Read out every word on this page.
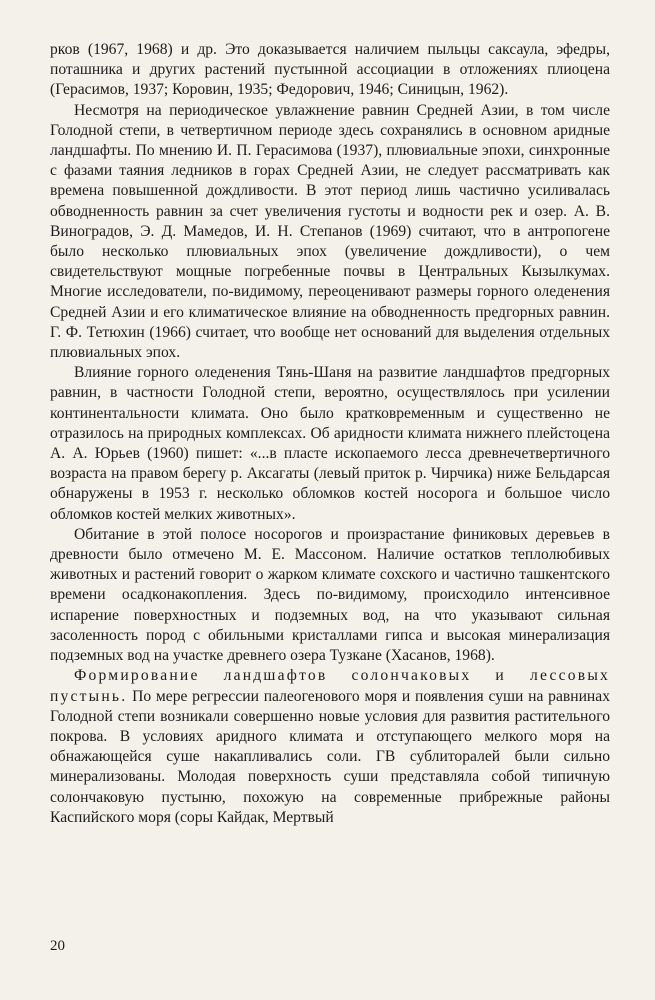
рков (1967, 1968) и др. Это доказывается наличием пыльцы саксаула, эфедры, поташника и других растений пустынной ассоциации в отложениях плиоцена (Герасимов, 1937; Коровин, 1935; Федорович, 1946; Синицын, 1962).

Несмотря на периодическое увлажнение равнин Средней Азии, в том числе Голодной степи, в четвертичном периоде здесь сохранялись в основном аридные ландшафты. По мнению И. П. Герасимова (1937), плювиальные эпохи, синхронные с фазами таяния ледников в горах Средней Азии, не следует рассматривать как времена повышенной дождливости. В этот период лишь частично усиливалась обводненность равнин за счет увеличения густоты и водности рек и озер. А. В. Виноградов, Э. Д. Мамедов, И. Н. Степанов (1969) считают, что в антропогене было несколько плювиальных эпох (увеличение дождливости), о чем свидетельствуют мощные погребенные почвы в Центральных Кызылкумах. Многие исследователи, по-видимому, переоценивают размеры горного оледенения Средней Азии и его климатическое влияние на обводненность предгорных равнин. Г. Ф. Тетюхин (1966) считает, что вообще нет оснований для выделения отдельных плювиальных эпох.

Влияние горного оледенения Тянь-Шаня на развитие ландшафтов предгорных равнин, в частности Голодной степи, вероятно, осуществлялось при усилении континентальности климата. Оно было кратковременным и существенно не отразилось на природных комплексах. Об аридности климата нижнего плейстоцена А. А. Юрьев (1960) пишет: «...в пласте ископаемого лесса древнечетвертичного возраста на правом берегу р. Аксагаты (левый приток р. Чирчика) ниже Бельдарсая обнаружены в 1953 г. несколько обломков костей носорога и большое число обломков костей мелких животных».

Обитание в этой полосе носорогов и произрастание финиковых деревьев в древности было отмечено М. Е. Массоном. Наличие остатков теплолюбивых животных и растений говорит о жарком климате сохского и частично ташкентского времени осадконакопления. Здесь по-видимому, происходило интенсивное испарение поверхностных и подземных вод, на что указывают сильная засоленность пород с обильными кристаллами гипса и высокая минерализация подземных вод на участке древнего озера Тузкане (Хасанов, 1968).

Формирование ландшафтов солончаковых и лессовых пустынь. По мере регрессии палеогенового моря и появления суши на равнинах Голодной степи возникали совершенно новые условия для развития растительного покрова. В условиях аридного климата и отступающего мелкого моря на обнажающейся суше накапливались соли. ГВ сублиторалей были сильно минерализованы. Молодая поверхность суши представляла собой типичную солончаковую пустыню, похожую на современные прибрежные районы Каспийского моря (соры Кайдак, Мертвый

20
